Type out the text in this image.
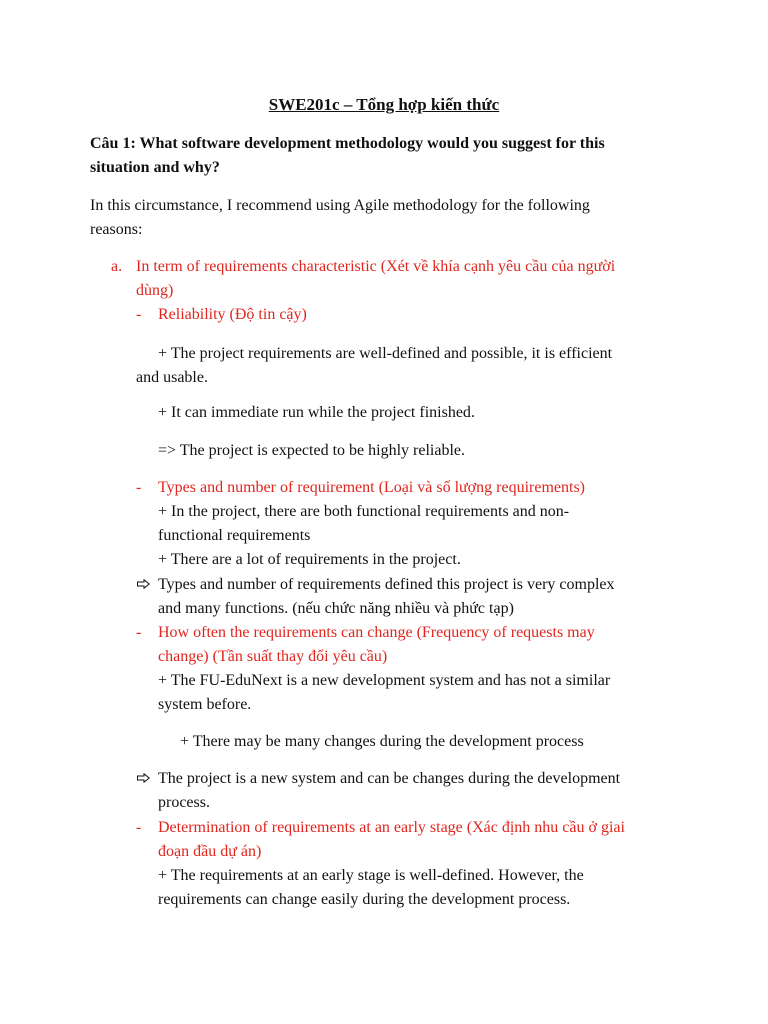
SWE201c – Tổng hợp kiến thức
Câu 1: What software development methodology would you suggest for this
situation and why?
In this circumstance, I recommend using Agile methodology for the following
reasons:
a. In term of requirements characteristic (Xét về khía cạnh yêu cầu của người
dùng)
- Reliability (Độ tin cậy)
+ The project requirements are well-defined and possible, it is efficient
and usable.
+ It can immediate run while the project finished.
=> The project is expected to be highly reliable.
- Types and number of requirement (Loại và số lượng requirements)
+ In the project, there are both functional requirements and non-
functional requirements
+ There are a lot of requirements in the project.
Types and number of requirements defined this project is very complex
and many functions. (nếu chức năng nhiều và phức tạp)
- How often the requirements can change (Frequency of requests may
change) (Tần suất thay đổi yêu cầu)
+ The FU-EduNext is a new development system and has not a similar
system before.
+ There may be many changes during the development process
The project is a new system and can be changes during the development
process.
- Determination of requirements at an early stage (Xác định nhu cầu ở giai
đoạn đầu dự án)
+ The requirements at an early stage is well-defined. However, the
requirements can change easily during the development process.
